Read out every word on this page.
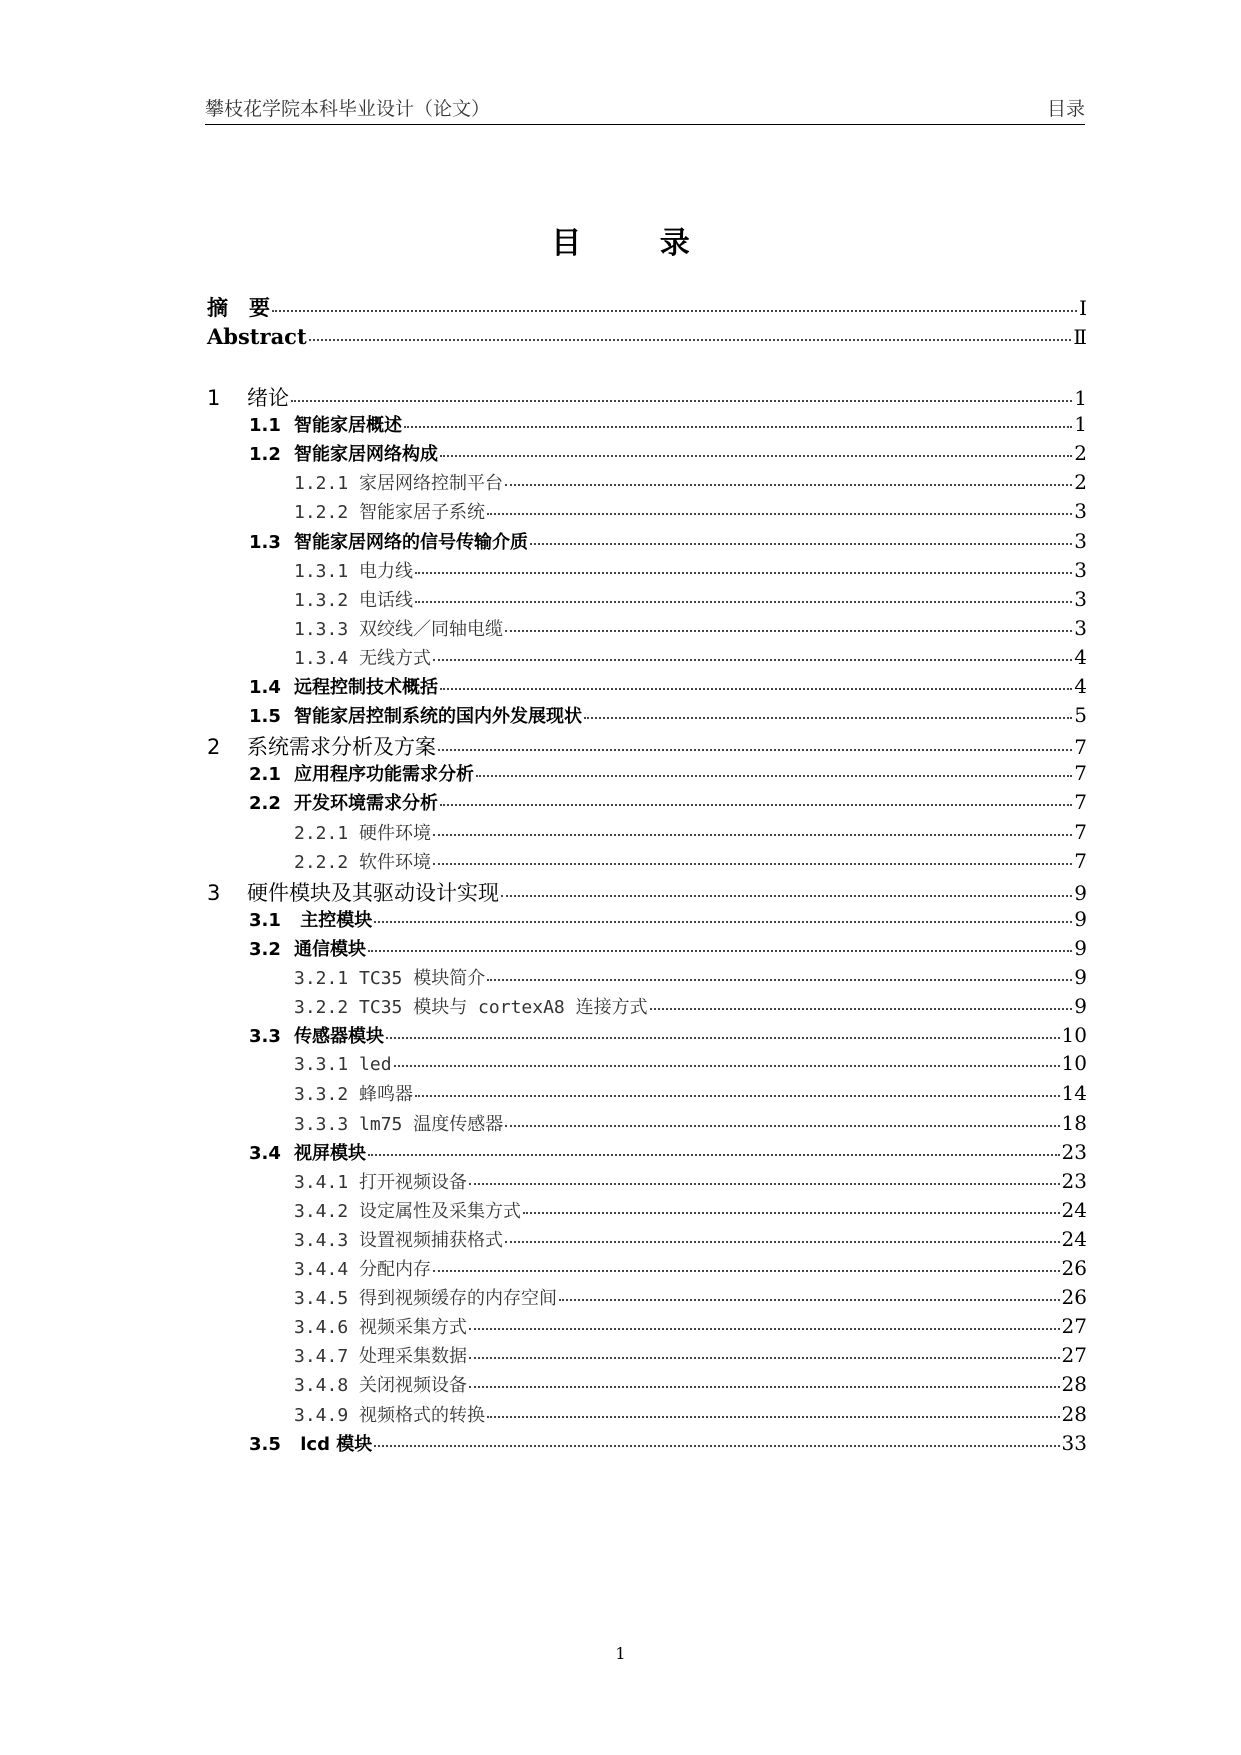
攀枝花学院本科毕业设计（论文）	目录
目 录
摘　要	I
Abstract	Ⅱ
1 绪论	1
1.1 智能家居概述	1
1.2 智能家居网络构成	2
1.2.1 家居网络控制平台	2
1.2.2 智能家居子系统	3
1.3 智能家居网络的信号传输介质	3
1.3.1 电力线	3
1.3.2 电话线	3
1.3.3 双绞线／同轴电缆	3
1.3.4 无线方式	4
1.4 远程控制技术概括	4
1.5 智能家居控制系统的国内外发展现状	5
2 系统需求分析及方案	7
2.1 应用程序功能需求分析	7
2.2 开发环境需求分析	7
2.2.1 硬件环境	7
2.2.2 软件环境	7
3 硬件模块及其驱动设计实现	9
3.1 主控模块	9
3.2 通信模块	9
3.2.1 TC35 模块简介	9
3.2.2 TC35 模块与 cortexA8 连接方式	9
3.3 传感器模块	10
3.3.1 led	10
3.3.2 蜂鸣器	14
3.3.3 lm75 温度传感器	18
3.4 视屏模块	23
3.4.1 打开视频设备	23
3.4.2 设定属性及采集方式	24
3.4.3 设置视频捕获格式	24
3.4.4 分配内存	26
3.4.5 得到视频缓存的内存空间	26
3.4.6 视频采集方式	27
3.4.7 处理采集数据	27
3.4.8 关闭视频设备	28
3.4.9 视频格式的转换	28
3.5 lcd 模块	33
1
